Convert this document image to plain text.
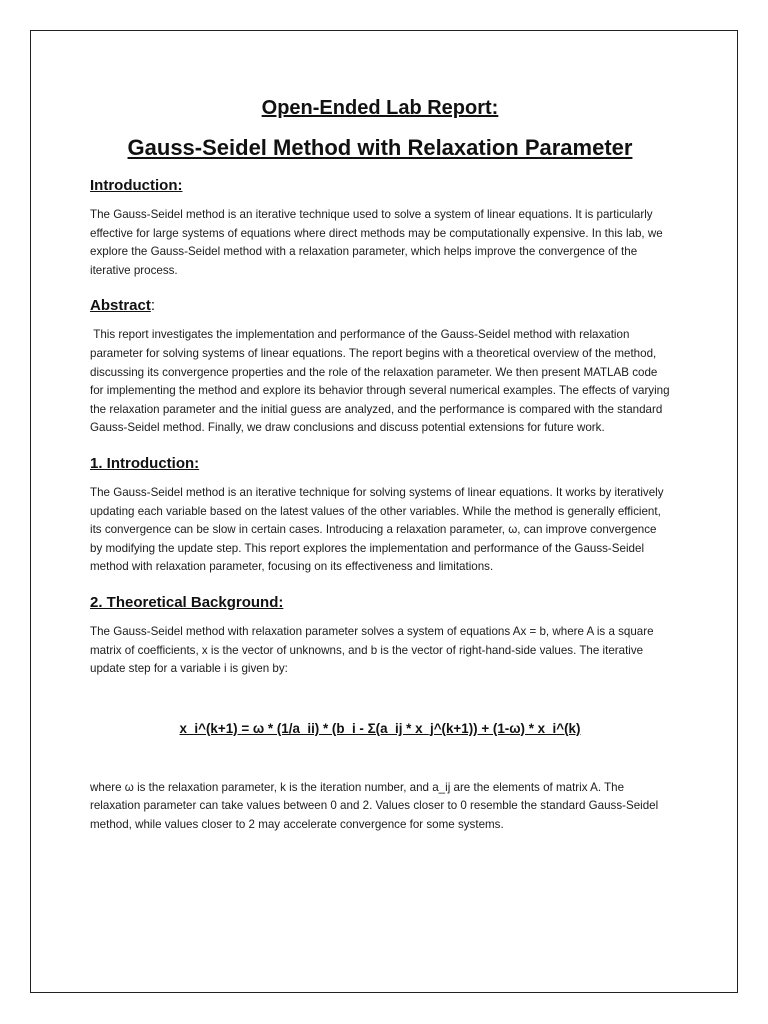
Open-Ended Lab Report:
Gauss-Seidel Method with Relaxation Parameter
Introduction:

The Gauss-Seidel method is an iterative technique used to solve a system of linear equations. It is particularly effective for large systems of equations where direct methods may be computationally expensive. In this lab, we explore the Gauss-Seidel method with a relaxation parameter, which helps improve the convergence of the iterative process.

Abstract:

This report investigates the implementation and performance of the Gauss-Seidel method with relaxation parameter for solving systems of linear equations. The report begins with a theoretical overview of the method, discussing its convergence properties and the role of the relaxation parameter. We then present MATLAB code for implementing the method and explore its behavior through several numerical examples. The effects of varying the relaxation parameter and the initial guess are analyzed, and the performance is compared with the standard Gauss-Seidel method. Finally, we draw conclusions and discuss potential extensions for future work.

1. Introduction:

The Gauss-Seidel method is an iterative technique for solving systems of linear equations. It works by iteratively updating each variable based on the latest values of the other variables. While the method is generally efficient, its convergence can be slow in certain cases. Introducing a relaxation parameter, ω, can improve convergence by modifying the update step. This report explores the implementation and performance of the Gauss-Seidel method with relaxation parameter, focusing on its effectiveness and limitations.

2. Theoretical Background:

The Gauss-Seidel method with relaxation parameter solves a system of equations Ax = b, where A is a square matrix of coefficients, x is the vector of unknowns, and b is the vector of right-hand-side values. The iterative update step for a variable i is given by:

x_i^(k+1) = ω * (1/a_ii) * (b_i - Σ(a_ij * x_j^(k+1)) + (1-ω) * x_i^(k)

where ω is the relaxation parameter, k is the iteration number, and a_ij are the elements of matrix A. The relaxation parameter can take values between 0 and 2. Values closer to 0 resemble the standard Gauss-Seidel method, while values closer to 2 may accelerate convergence for some systems.
